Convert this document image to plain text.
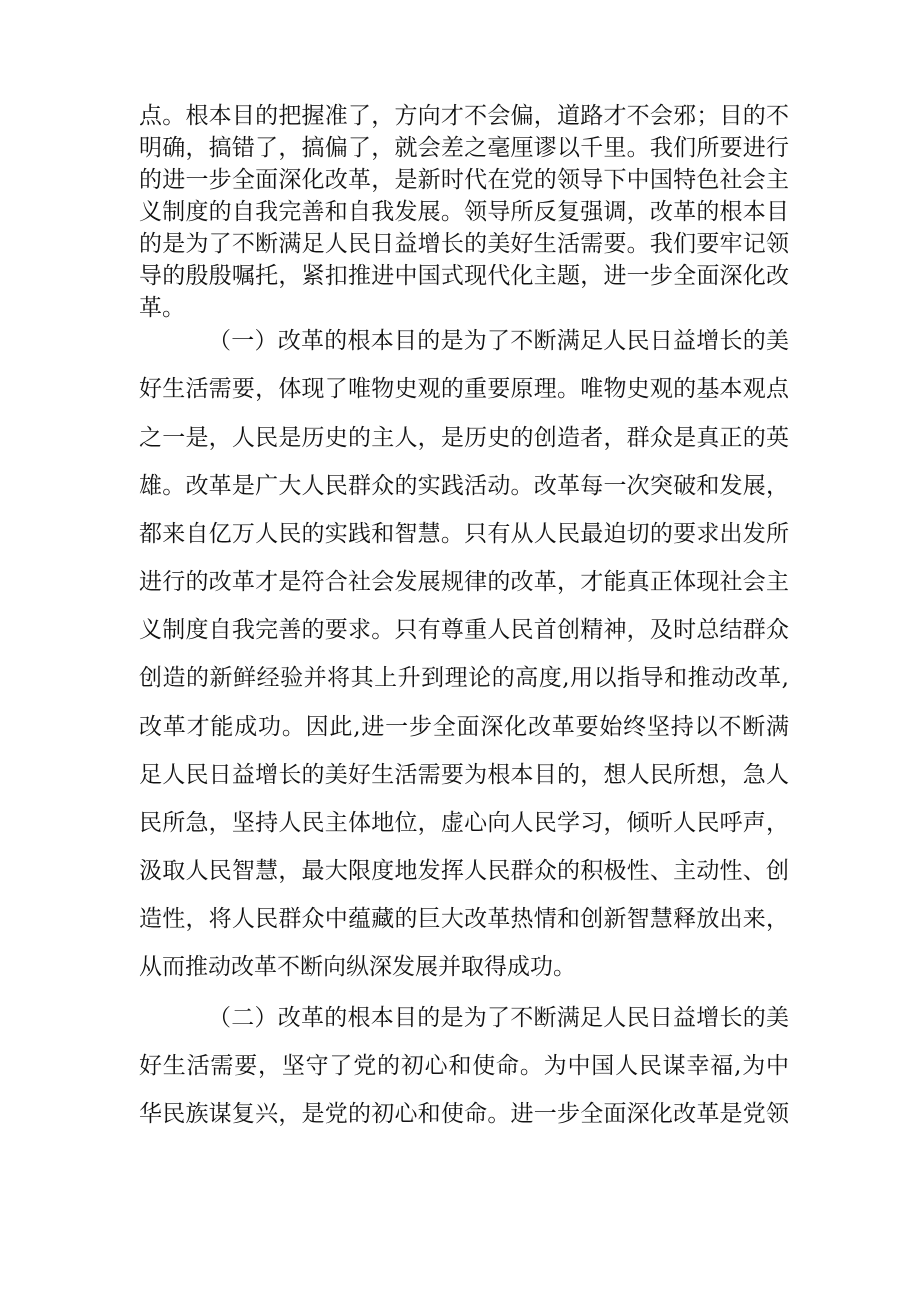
点。根本目的把握准了，方向才不会偏，道路才不会邪；目的不
明确，搞错了，搞偏了，就会差之毫厘谬以千里。我们所要进行
的进一步全面深化改革，是新时代在党的领导下中国特色社会主
义制度的自我完善和自我发展。领导所反复强调，改革的根本目
的是为了不断满足人民日益增长的美好生活需要。我们要牢记领
导的殷殷嘱托，紧扣推进中国式现代化主题，进一步全面深化改
革。
（一）改革的根本目的是为了不断满足人民日益增长的美
好生活需要，体现了唯物史观的重要原理。唯物史观的基本观点
之一是，人民是历史的主人，是历史的创造者，群众是真正的英
雄。改革是广大人民群众的实践活动。改革每一次突破和发展，
都来自亿万人民的实践和智慧。只有从人民最迫切的要求出发所
进行的改革才是符合社会发展规律的改革，才能真正体现社会主
义制度自我完善的要求。只有尊重人民首创精神，及时总结群众
创造的新鲜经验并将其上升到理论的高度,用以指导和推动改革,
改革才能成功。因此,进一步全面深化改革要始终坚持以不断满
足人民日益增长的美好生活需要为根本目的，想人民所想，急人
民所急，坚持人民主体地位，虚心向人民学习，倾听人民呼声，
汲取人民智慧，最大限度地发挥人民群众的积极性、主动性、创
造性，将人民群众中蕴藏的巨大改革热情和创新智慧释放出来，
从而推动改革不断向纵深发展并取得成功。
（二）改革的根本目的是为了不断满足人民日益增长的美
好生活需要，坚守了党的初心和使命。为中国人民谋幸福,为中
华民族谋复兴，是党的初心和使命。进一步全面深化改革是党领
